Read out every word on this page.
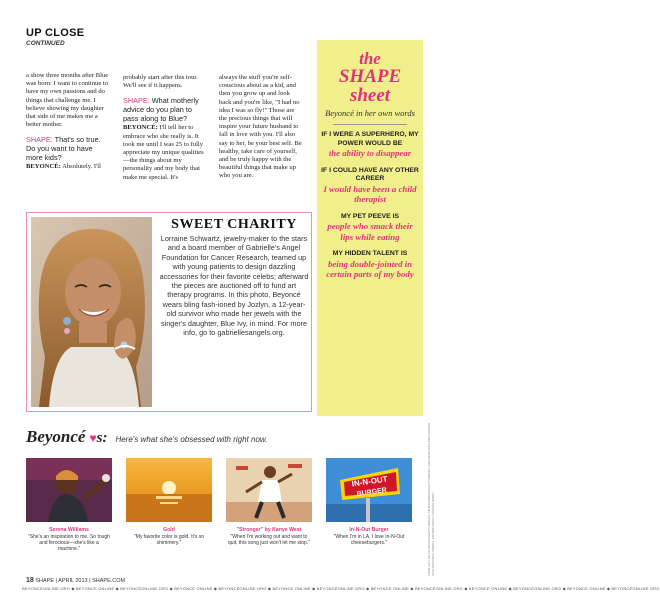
UP CLOSE
CONTINUED

a show three months after Blue was born: I want to continue to have my own passions and do things that challenge me. I believe showing my daughter that side of me makes me a better mother.

SHAPE: That's so true. Do you want to have more kids?

BEYONCÉ: Absolutely. I'll

probably start after this tour. We'll see if it happens.

SHAPE: What motherly advice do you plan to pass along to Blue?

BEYONCÉ: I'll tell her to embrace who she really is. It took me until I was 25 to fully appreciate my unique qualities—the things about my personality and my body that make me special. It's

always the stuff you're self-conscious about as a kid, and then you grow up and look back and you're like, "I had no idea I was so fly!" Those are the precious things that will inspire your future husband to fall in love with you. I'll also say to her, be your best self. Be healthy, take care of yourself, and be truly happy with the beautiful things that make up who you are.

the
SHAPE sheet
Beyoncé in her own words
IF I WERE A SUPERHERO, MY POWER WOULD BE
the ability to disappear
IF I COULD HAVE ANY OTHER CAREER
I would have been a child therapist
MY PET PEEVE IS
people who smack their lips while eating
MY HIDDEN TALENT IS
being double-jointed in certain parts of my body
SWEET CHARITY
Lorraine Schwartz, jewelry-maker to the stars and a board member of Gabrielle's Angel Foundation for Cancer Research, teamed up with young patients to design dazzling accessories for their favorite celebs; afterward the pieces are auctioned off to fund art therapy programs. In this photo, Beyoncé wears bling fash-ioned by Jozlyn, a 12-year-old survivor who made her jewels with the singer's daughter, Blue Ivy, in mind. For more info, go to gabriellesangels.org.
FROM LEFT: MILLIE VIPOSKY/GETTY IMAGES; TIM MACKIMOVIC/GETTY IMAGES; HIGH RES/STOCK RED FOREIGN SHUTTERSTOCK; IMAGES: RICHARD DREW; FOREIGN ROBOT
Beyoncé ♥s: Here's what she's obsessed with right now.
Serena Williams
"She's an inspiration to me. So tough and ferocious—she's like a machine."
Gold
"My favorite color is gold. It's so shimmery."
"Stronger" by Kanye West
"When I'm working out and want to quit, this song just won't let me stop."
IN-N-OUT
BURGER
In-N-Out Burger
"When I'm in LA, I love In-N-Out cheeseburgers."
18 SHAPE | APRIL 2013 | SHAPE.COM
BEYONCÉONLINE.ORG ◆ BEYONCE ONLINE ◆ BEYONCÉONLINE.ORG ◆ BEYONCE ONLINE ◆ BEYONCÉONLINE.ORG ◆ BEYONCE ONLINE ◆ BEYONCÉONLINE.ORG ◆ BEYONCE ONLINE ◆ BEYONCÉONLINE.ORG ◆ BEYONCE ONLINE ◆ BEYONCÉONLINE.ORG ◆ BEYONCE ONLINE ◆ BEYONCÉONLINE.ORG
